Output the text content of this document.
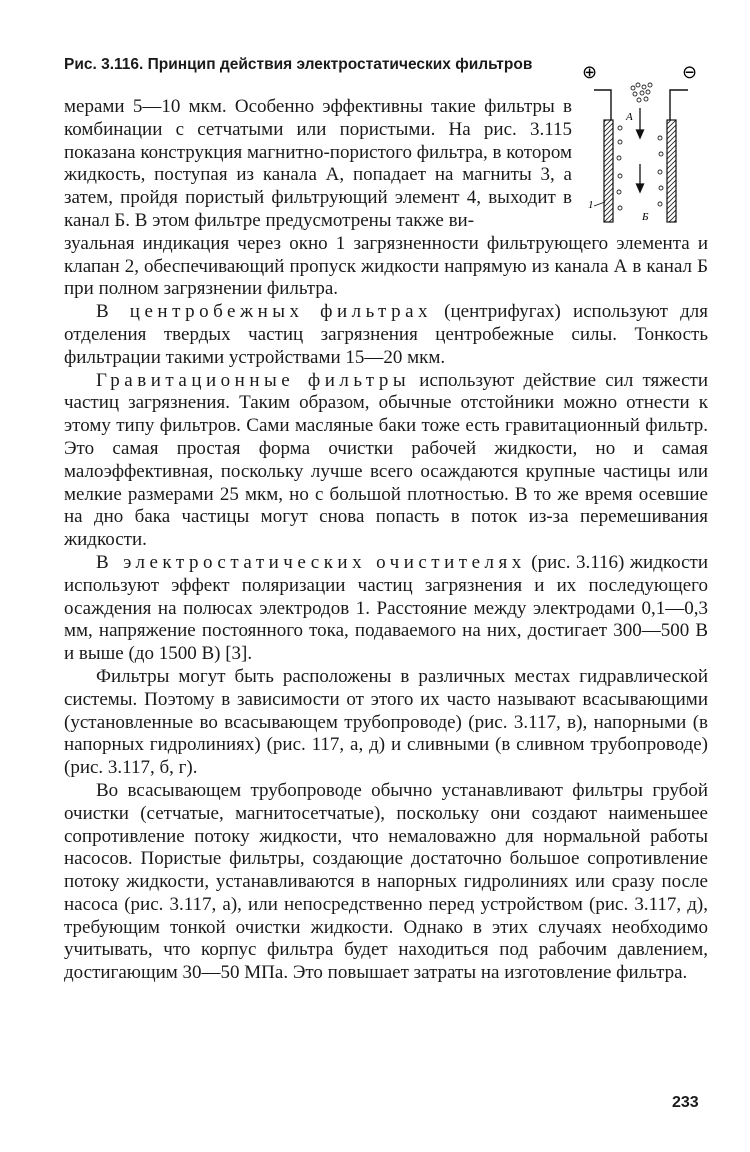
Рис. 3.116. Принцип действия электростатических фильтров	⊕	⊖
А
Б
1

мерами 5—10 мкм. Особенно эффективны такие фильтры в комбинации с сетчатыми или пористыми. На рис. 3.115 показана конструкция магнитно-пористого фильтра, в котором жидкость, поступая из канала А, попадает на магниты 3, а затем, пройдя пористый фильтрующий элемент 4, выходит в канал Б. В этом фильтре предусмотрены также ви-

зуальная индикация через окно 1 загрязненности фильтрующего элемента и клапан 2, обеспечивающий пропуск жидкости напрямую из канала А в канал Б при полном загрязнении фильтра.

В центробежных фильтрах (центрифугах) используют для отделения твердых частиц загрязнения центробежные силы. Тонкость фильтрации такими устройствами 15—20 мкм.

Гравитационные фильтры используют действие сил тяжести частиц загрязнения. Таким образом, обычные отстойники можно отнести к этому типу фильтров. Сами масляные баки тоже есть гравитационный фильтр. Это самая простая форма очистки рабочей жидкости, но и самая малоэффективная, поскольку лучше всего осаждаются крупные частицы или мелкие размерами 25 мкм, но с большой плотностью. В то же время осевшие на дно бака частицы могут снова попасть в поток из-за перемешивания жидкости.

В электростатических очистителях (рис. 3.116) жидкости используют эффект поляризации частиц загрязнения и их последующего осаждения на полюсах электродов 1. Расстояние между электродами 0,1—0,3 мм, напряжение постоянного тока, подаваемого на них, достигает 300—500 В и выше (до 1500 В) [3].

Фильтры могут быть расположены в различных местах гидравлической системы. Поэтому в зависимости от этого их часто называют всасывающими (установленные во всасывающем трубопроводе) (рис. 3.117, в), напорными (в напорных гидролиниях) (рис. 117, а, д) и сливными (в сливном трубопроводе) (рис. 3.117, б, г).

Во всасывающем трубопроводе обычно устанавливают фильтры грубой очистки (сетчатые, магнитосетчатые), поскольку они создают наименьшее сопротивление потоку жидкости, что немаловажно для нормальной работы насосов. Пористые фильтры, создающие достаточно большое сопротивление потоку жидкости, устанавливаются в напорных гидролиниях или сразу после насоса (рис. 3.117, а), или непосредственно перед устройством (рис. 3.117, д), требующим тонкой очистки жидкости. Однако в этих случаях необходимо учитывать, что корпус фильтра будет находиться под рабочим давлением, достигающим 30—50 МПа. Это повышает затраты на изготовление фильтра.

233
